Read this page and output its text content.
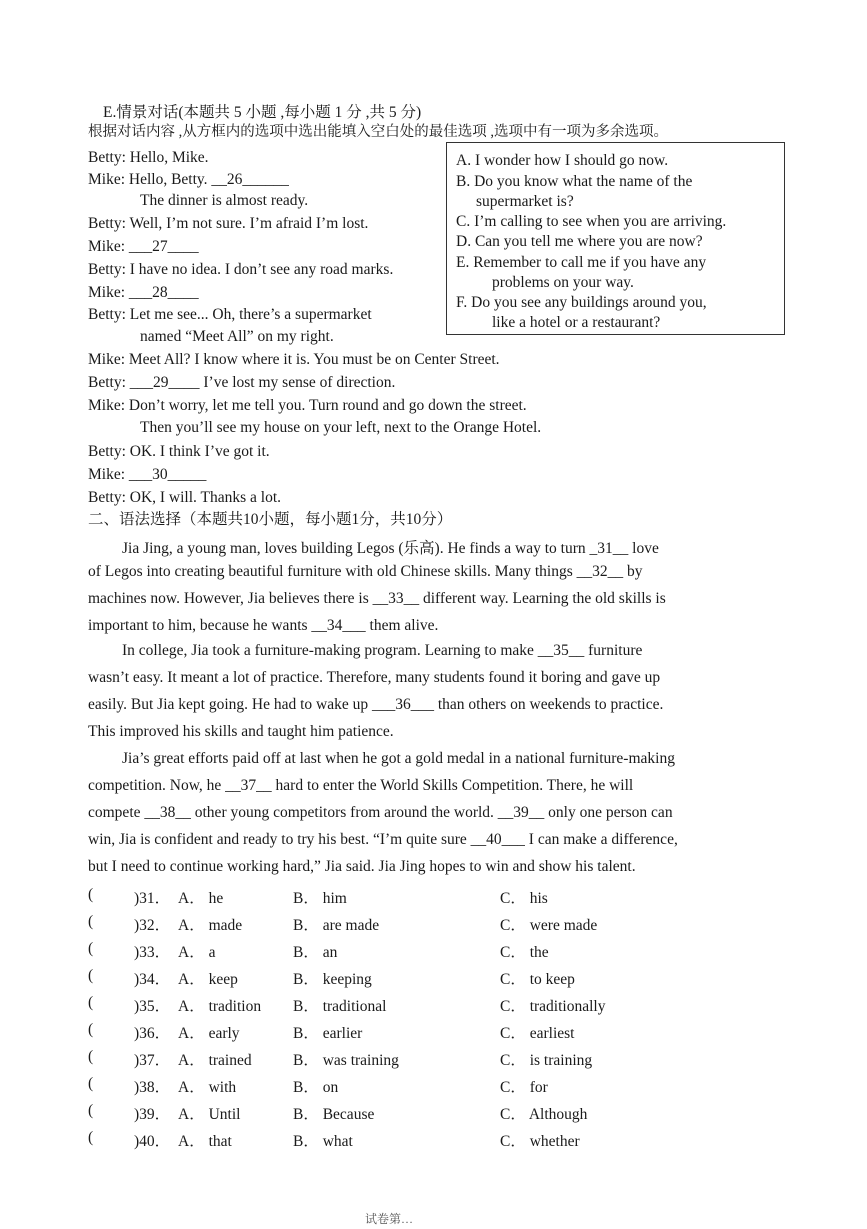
E.情景对话(本题共 5 小题 ,每小题 1 分 ,共 5 分)
根据对话内容 ,从方框内的选项中选出能填入空白处的最佳选项 ,选项中有一项为多余选项。
Betty: Hello, Mike.
Mike: Hello, Betty. __26______
The dinner is almost ready.
Betty: Well, I’m not sure. I’m afraid I’m lost.
Mike: ___27____
Betty: I have no idea. I don’t see any road marks.
Mike: ___28____
Betty: Let me see... Oh, there’s a supermarket
named “Meet All” on my right.
Mike: Meet All? I know where it is. You must be on Center Street.
Betty: ___29____ I’ve lost my sense of direction.
Mike: Don’t worry, let me tell you. Turn round and go down the street.
Then you’ll see my house on your left, next to the Orange Hotel.
Betty: OK. I think I’ve got it.
Mike: ___30_____
Betty: OK, I will. Thanks a lot.
A. I wonder how I should go now.
B. Do you know what the name of the
supermarket is?
C. I’m calling to see when you are arriving.
D. Can you tell me where you are now?
E. Remember to call me if you have any
problems on your way.
F. Do you see any buildings around you,
like a hotel or a restaurant?
二、语法选择（本题共10小题，每小题1分，共10分）
Jia Jing, a young man, loves building Legos (乐高). He finds a way to turn _31__ love
of Legos into creating beautiful furniture with old Chinese skills. Many things __32__ by
machines now. However, Jia believes there is __33__ different way. Learning the old skills is
important to him, because he wants __34___ them alive.
In college, Jia took a furniture-making program. Learning to make __35__ furniture
wasn’t easy. It meant a lot of practice. Therefore, many students found it boring and gave up
easily. But Jia kept going. He had to wake up ___36___ than others on weekends to practice.
This improved his skills and taught him patience.
Jia’s great efforts paid off at last when he got a gold medal in a national furniture-making
competition. Now, he __37__ hard to enter the World Skills Competition. There, he will
compete __38__ other young competitors from around the world. __39__ only one person can
win, Jia is confident and ready to try his best. “I’m quite sure __40___ I can make a difference,
but I need to continue working hard,” Jia said. Jia Jing hopes to win and show his talent.
(	)31． A． he	B． him	C． his
(	)32． A． made	B． are made	C． were made
(	)33． A． a	B． an	C． the
(	)34． A． keep	B． keeping	C． to keep
(	)35． A． tradition B． traditional	C． traditionally
(	)36． A． early	B． earlier	C． earliest
(	)37． A． trained	B． was training	C． is training
(	)38． A． with	B． on	C． for
(	)39． A． Until	B． Because	C． Although
(	)40． A． that	B． what	C． whether
试卷第…
